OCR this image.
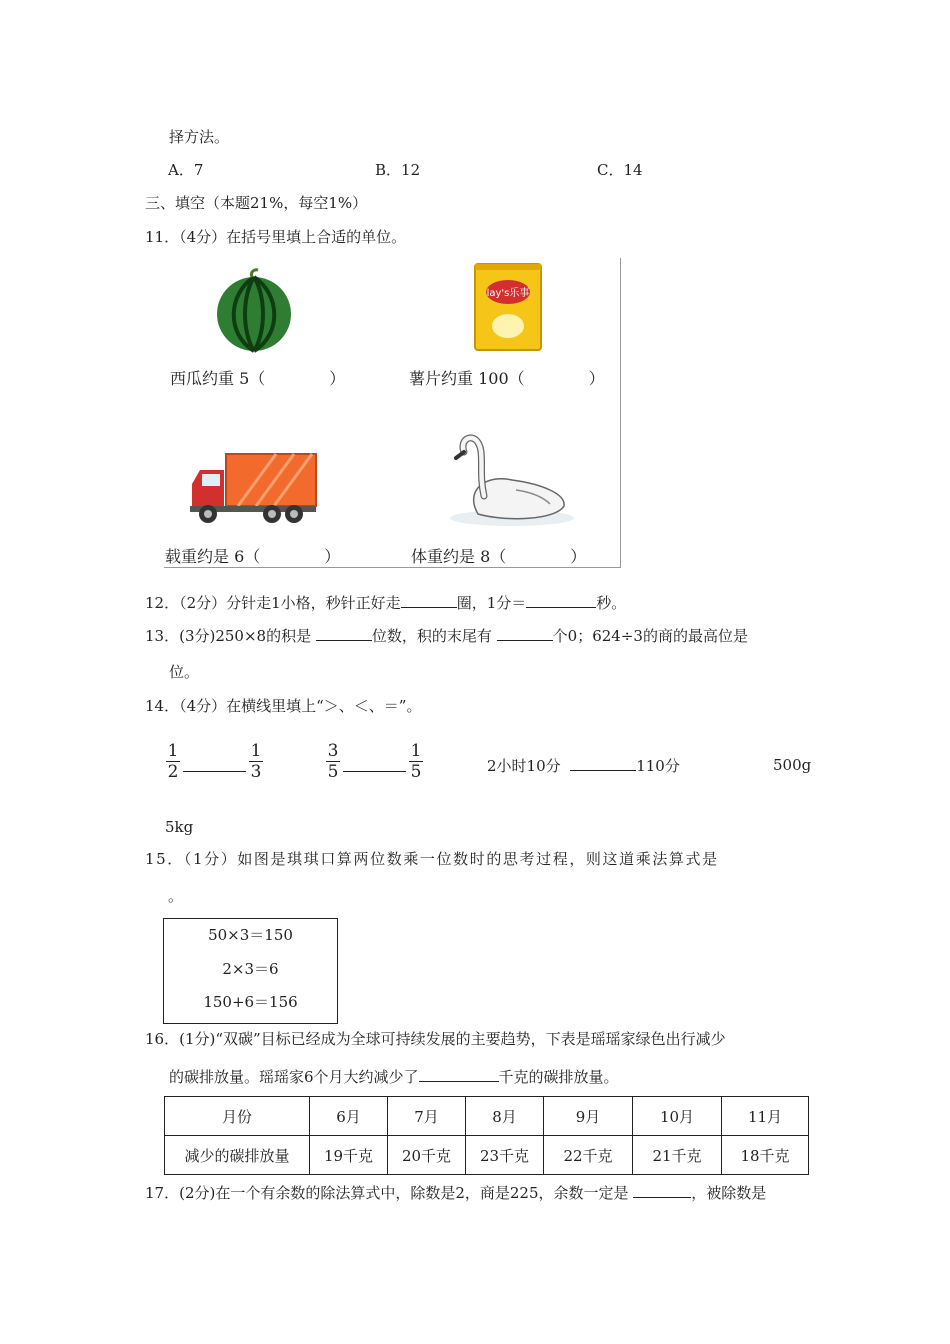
择方法。
A．7	B．12	C．14
三、填空（本题21%，每空1%）
11．（4分）在括号里填上合适的单位。
西瓜约重 5（　　　　）
lay's乐事
薯片约重 100（　　　　）
载重约是 6（　　　　）	体重约是 8（　　　　）
12．（2分）分针走1小格，秒针正好走	圈，1分＝	秒。
13．(3分)250×8的积是	位数，积的末尾有	个0；624÷3的商的最高位是
位。
14．（4分）在横线里填上“＞、＜、＝”。
$\frac{1}{2}$	$\frac{1}{3}$	$\frac{3}{5}$	$\frac{1}{5}$	2小时10分	110分	500g
5kg
15．（1分）如图是琪琪口算两位数乘一位数时的思考过程，则这道乘法算式是
。
50×3＝150
2×3＝6
150+6＝156
16．(1分)“双碳”目标已经成为全球可持续发展的主要趋势，下表是瑶瑶家绿色出行减少
的碳排放量。瑶瑶家6个月大约减少了	千克的碳排放量。
月份	6月	7月	8月	9月	10月	11月
减少的碳排放量	19千克	20千克	23千克	22千克	21千克	18千克
17．(2分)在一个有余数的除法算式中，除数是2，商是225，余数一定是	，被除数是
